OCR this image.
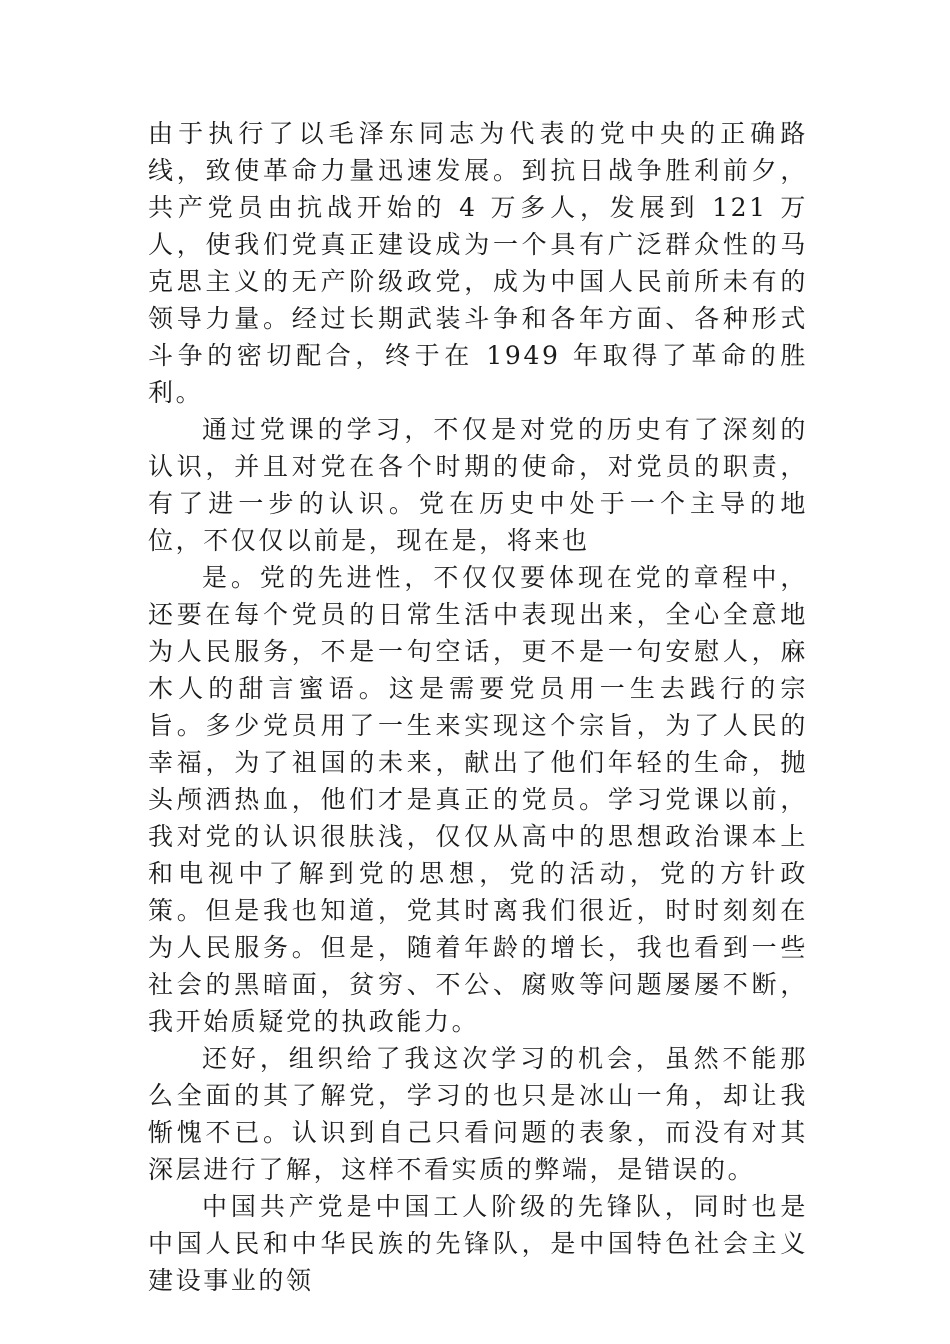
由于执行了以毛泽东同志为代表的党中央的正确路线，致使革命力量迅速发展。到抗日战争胜利前夕，共产党员由抗战开始的 4 万多人，发展到 121 万人，使我们党真正建设成为一个具有广泛群众性的马克思主义的无产阶级政党，成为中国人民前所未有的领导力量。经过长期武装斗争和各年方面、各种形式斗争的密切配合，终于在 1949 年取得了革命的胜利。

通过党课的学习，不仅是对党的历史有了深刻的认识，并且对党在各个时期的使命，对党员的职责，有了进一步的认识。党在历史中处于一个主导的地位，不仅仅以前是，现在是，将来也

是。党的先进性，不仅仅要体现在党的章程中，还要在每个党员的日常生活中表现出来，全心全意地为人民服务，不是一句空话，更不是一句安慰人，麻木人的甜言蜜语。这是需要党员用一生去践行的宗旨。多少党员用了一生来实现这个宗旨，为了人民的幸福，为了祖国的未来，献出了他们年轻的生命，抛头颅洒热血，他们才是真正的党员。学习党课以前，我对党的认识很肤浅，仅仅从高中的思想政治课本上和电视中了解到党的思想，党的活动，党的方针政策。但是我也知道，党其时离我们很近，时时刻刻在为人民服务。但是，随着年龄的增长，我也看到一些社会的黑暗面，贫穷、不公、腐败等问题屡屡不断，我开始质疑党的执政能力。

还好，组织给了我这次学习的机会，虽然不能那么全面的其了解党，学习的也只是冰山一角，却让我惭愧不已。认识到自己只看问题的表象，而没有对其深层进行了解，这样不看实质的弊端，是错误的。

中国共产党是中国工人阶级的先锋队，同时也是中国人民和中华民族的先锋队，是中国特色社会主义建设事业的领
